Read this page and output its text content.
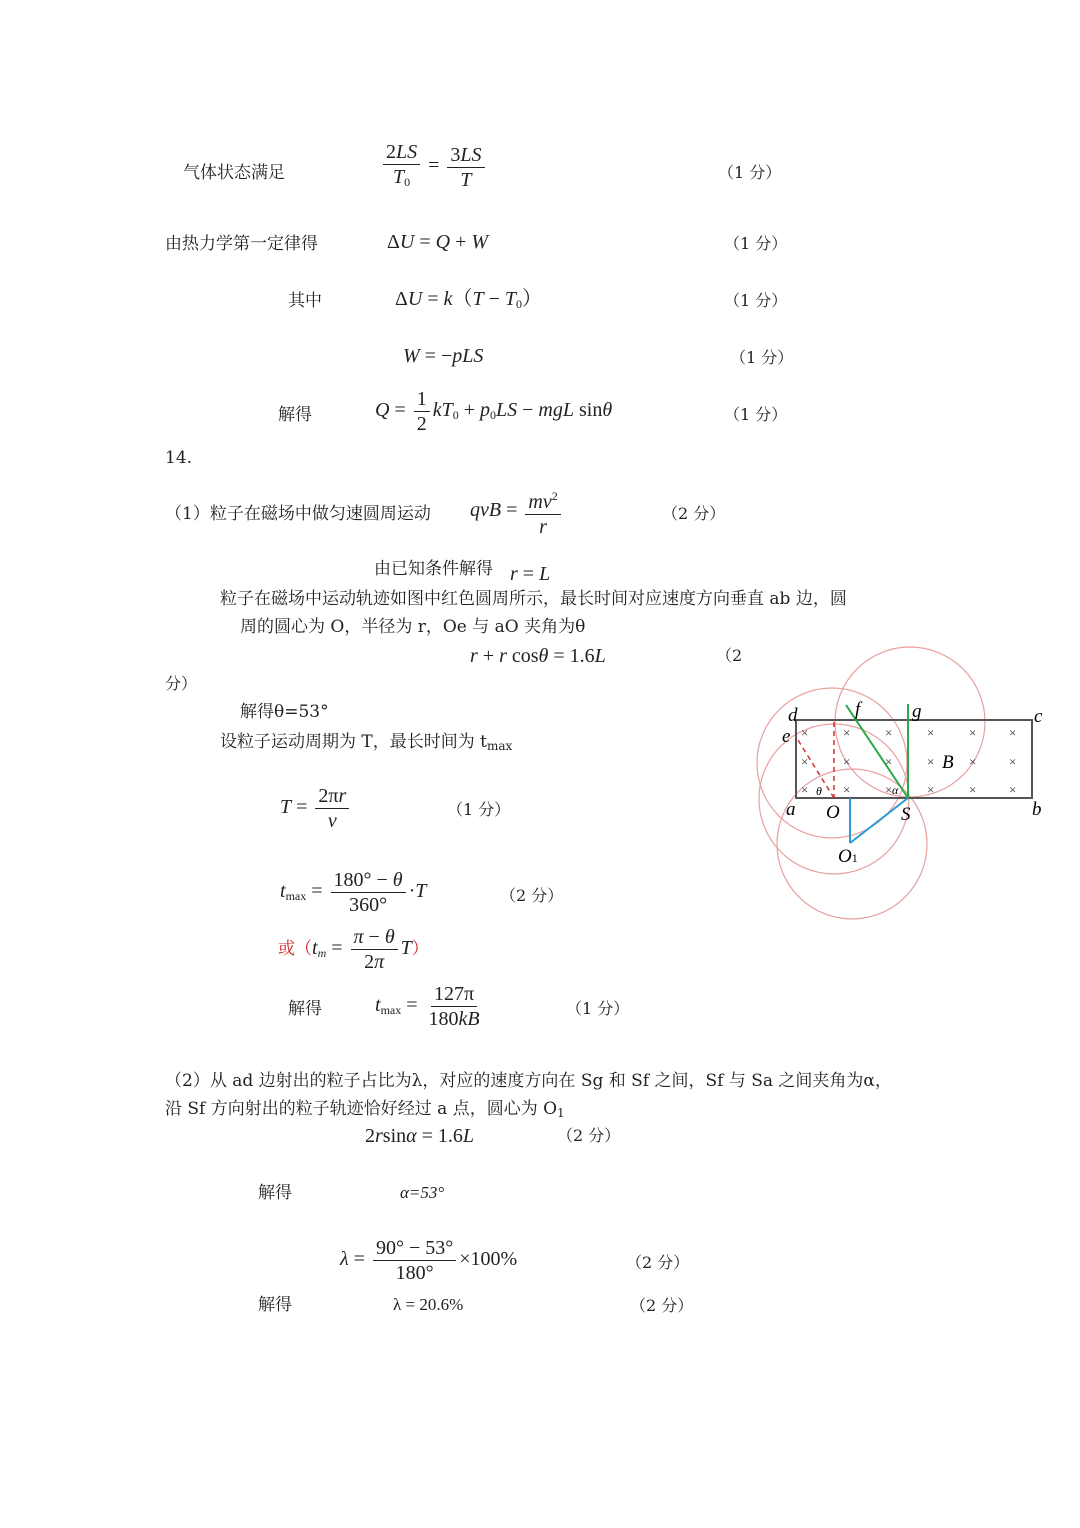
气体状态满足	$\frac{2LS}{T_0} = \frac{3LS}{T}$	（1 分）
由热力学第一定律得	ΔU = Q + W	（1 分）
其中	$\Delta U = k(T - T_0)$	（1 分）
W = −pLS	（1 分）
解得	$Q = \frac{1}{2} kT_0 + p_0LS$ − mgL sinθ	（1 分）
14.
（1）粒子在磁场中做匀速圆周运动 qvB = $\frac{mv^2}{r}$	（2 分）
由已知条件解得 r = L
粒子在磁场中运动轨迹如图中红色圆周所示，最长时间对应速度方向垂直 ab 边，圆
周的圆心为 O，半径为 r，Oe 与 aO 夹角为θ
r + r cosθ = 1.6L	（2
分）
解得θ=53°
设粒子运动周期为 T，最长时间为 $t_{max}$
$T = \frac{2\pi r}{v}$	（1 分）
$t_{max} = \frac{180^\circ - \theta}{360^\circ} \cdot T$	（2 分）
或$(t_m = \frac{\pi - \theta}{2\pi} T)$
解得	$t_{max} = \frac{127\pi}{180kB}$	（1 分）
（2）从 ad 边射出的粒子占比为λ，对应的速度方向在 Sg 和 Sf 之间，Sf 与 Sa 之间夹角为α，
沿 Sf 方向射出的粒子轨迹恰好经过 a 点，圆心为 $O_1$
2rsinα = 1.6L	（2 分）
解得	α=53°
$\lambda = \frac{90^\circ - 53^\circ}{180^\circ} \times 100\%$	（2 分）
解得	λ = 20.6%	（2 分）
×	×	×	×	×	×
×	×	×	×	×	×
×	×	×	×	×	×
d
e
f	g	c
b
a O	S
B
θ	α
O1
